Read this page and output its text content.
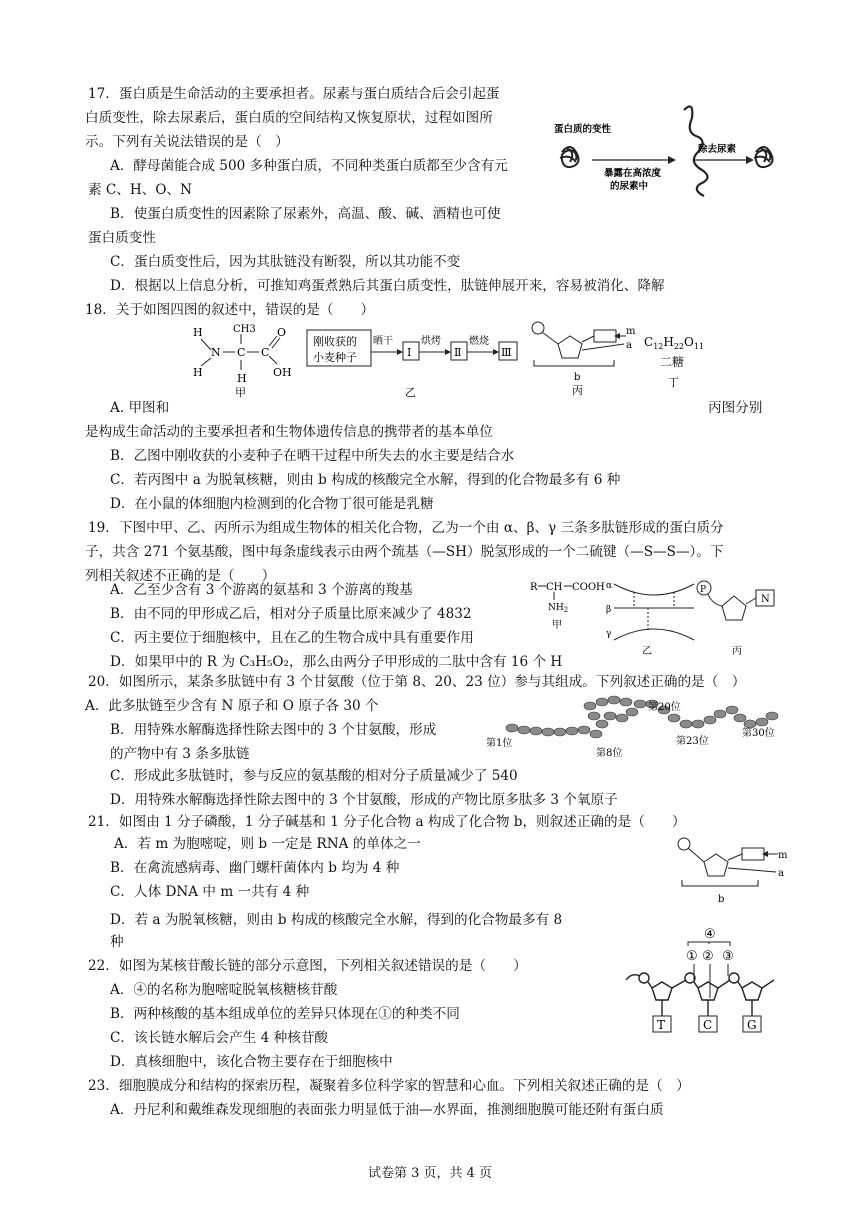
17．蛋白质是生命活动的主要承担者。尿素与蛋白质结合后会引起蛋
白质变性，除去尿素后，蛋白质的空间结构又恢复原状，过程如图所
示。下列有关说法错误的是（　）
A．酵母菌能合成 500 多种蛋白质，不同种类蛋白质都至少含有元
素 C、H、O、N
B．使蛋白质变性的因素除了尿素外，高温、酸、碱、酒精也可使
蛋白质变性
C．蛋白质变性后，因为其肽链没有断裂，所以其功能不变
D．根据以上信息分析，可推知鸡蛋煮熟后其蛋白质变性，肽链伸展开来，容易被消化、降解
蛋白质的变性
暴露在高浓度
的尿素中
除去尿素
18．关于如图四图的叙述中，错误的是（　　）
H
H
N C
CH3
H
C
O
OH
甲
刚收获的
小麦种子
晒干
Ⅰ
烘烤
Ⅱ
燃烧
Ⅲ
乙
m
a
b
丙
$C_{12}H_{22}O_{11}$
二糖
丁
A. 甲图和	丙图分别
是构成生命活动的主要承担者和生物体遗传信息的携带者的基本单位
B．乙图中刚收获的小麦种子在晒干过程中所失去的水主要是结合水
C．若丙图中 a 为脱氧核糖，则由 b 构成的核酸完全水解，得到的化合物最多有 6 种
D．在小鼠的体细胞内检测到的化合物丁很可能是乳糖
19．下图中甲、乙、丙所示为组成生物体的相关化合物，乙为一个由 α、β、γ 三条多肽链形成的蛋白质分
子，共含 271 个氨基酸，图中每条虚线表示由两个巯基（—SH）脱氢形成的一个二硫键（—S—S—）。下
列相关叙述不正确的是（　　）
A．乙至少含有 3 个游离的氨基和 3 个游离的羧基
B．由不同的甲形成乙后，相对分子质量比原来减少了 4832
C．丙主要位于细胞核中，且在乙的生物合成中具有重要作用
D．如果甲中的 R 为 C₃H₅O₂，那么由两分子甲形成的二肽中含有 16 个 H
R CH COOH
$NH_2$
甲
α
β
γ
乙
P
N
丙
20．如图所示，某条多肽链中有 3 个甘氨酸（位于第 8、20、23 位）参与其组成。下列叙述正确的是（　）
A．此多肽链至少含有 N 原子和 O 原子各 30 个
B．用特殊水解酶选择性除去图中的 3 个甘氨酸，形成
的产物中有 3 条多肽链
C．形成此多肽链时，参与反应的氨基酸的相对分子质量减少了 540
D．用特殊水解酶选择性除去图中的 3 个甘氨酸，形成的产物比原多肽多 3 个氧原子
第1位
第8位
第20位
第23位
第30位
21．如图由 1 分子磷酸，1 分子碱基和 1 分子化合物 a 构成了化合物 b，则叙述正确的是（　　）
A．若 m 为胞嘧啶，则 b 一定是 RNA 的单体之一
B．在禽流感病毒、幽门螺杆菌体内 b 均为 4 种
C．人体 DNA 中 m 一共有 4 种
D．若 a 为脱氧核糖，则由 b 构成的核酸完全水解，得到的化合物最多有 8
种
m
a
b
22．如图为某核苷酸长链的部分示意图，下列相关叙述错误的是（　　）
A．④的名称为胞嘧啶脱氧核糖核苷酸
B．两种核酸的基本组成单位的差异只体现在①的种类不同
C．该长链水解后会产生 4 种核苷酸
D．真核细胞中，该化合物主要存在于细胞核中
④
① ② ③
T	C	G
23．细胞膜成分和结构的探索历程，凝聚着多位科学家的智慧和心血。下列相关叙述正确的是（　）
A．丹尼利和戴维森发现细胞的表面张力明显低于油—水界面，推测细胞膜可能还附有蛋白质
试卷第 3 页，共 4 页
